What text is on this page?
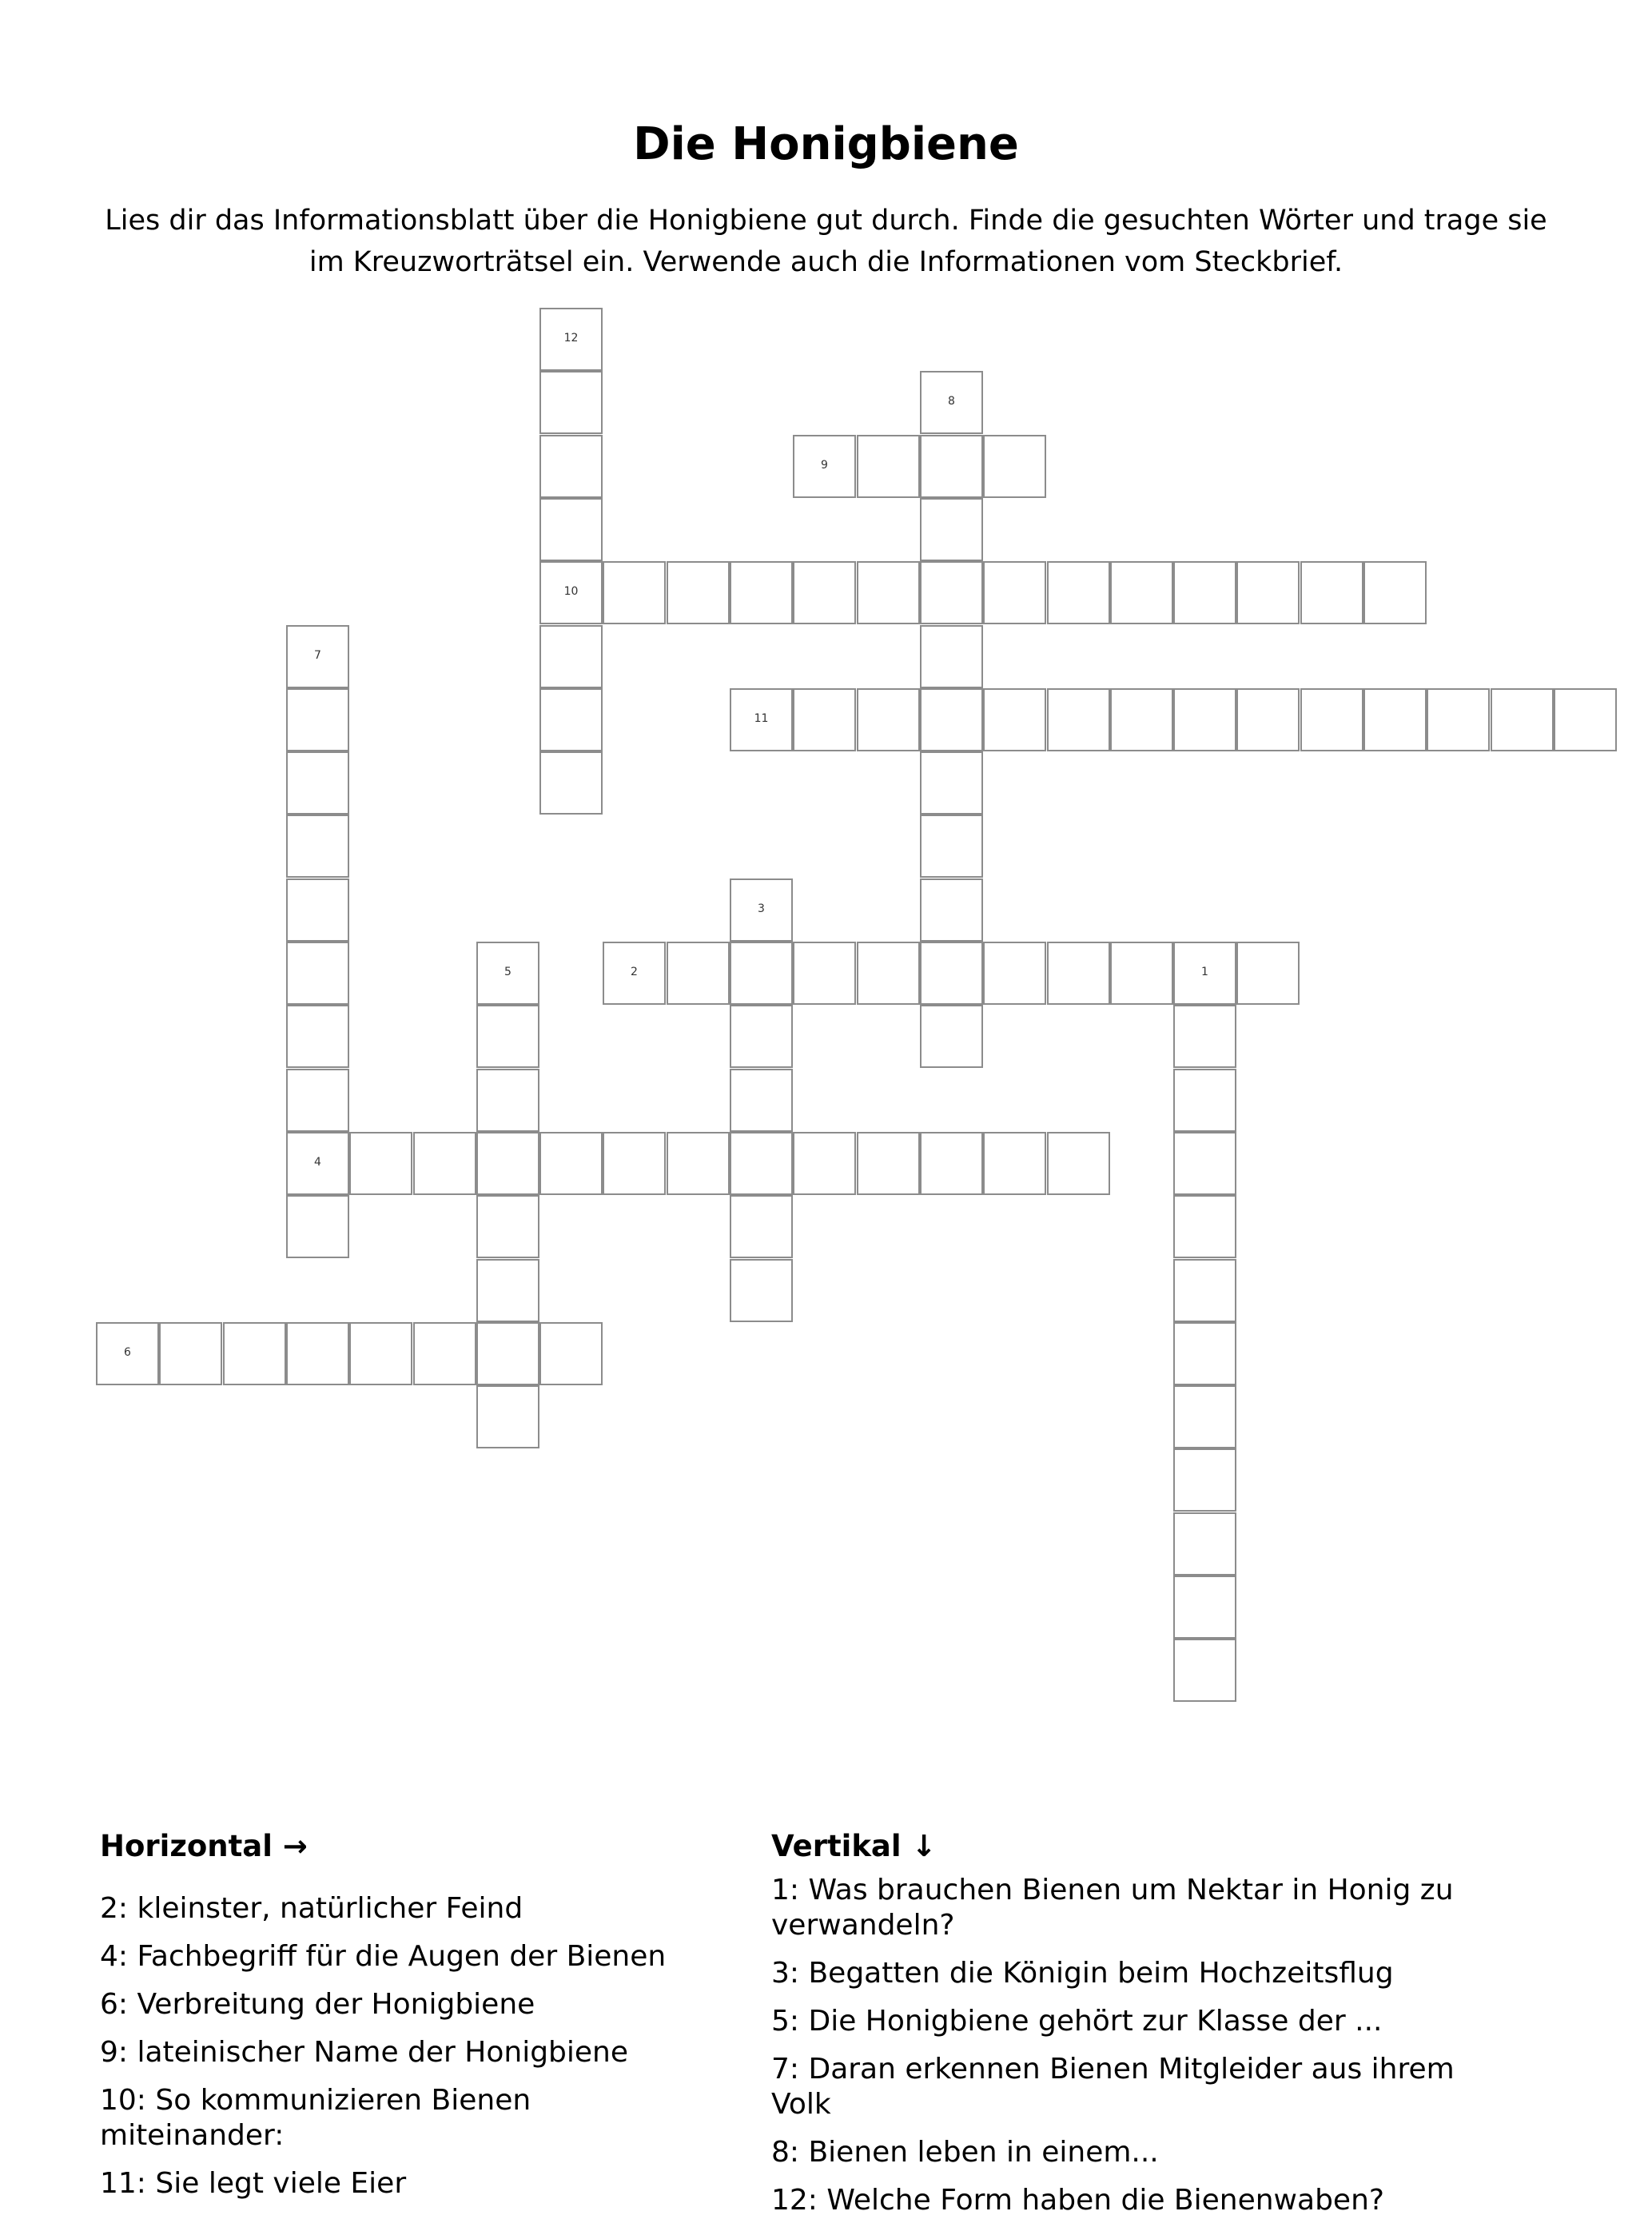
Die Honigbiene

Lies dir das Informationsblatt über die Honigbiene gut durch. Finde die gesuchten Wörter und trage sie im Kreuzworträtsel ein. Verwende auch die Informationen vom Steckbrief.

1
2
3
4
5
6
7
8
9
10
11
12
Horizontal →
2: kleinster, natürlicher Feind
4: Fachbegriff für die Augen der Bienen
6: Verbreitung der Honigbiene
9: lateinischer Name der Honigbiene
10: So kommunizieren Bienen miteinander:
11: Sie legt viele Eier
Vertikal ↓
1: Was brauchen Bienen um Nektar in Honig zu verwandeln?
3: Begatten die Königin beim Hochzeitsflug
5: Die Honigbiene gehört zur Klasse der ...
7: Daran erkennen Bienen Mitgleider aus ihrem Volk
8: Bienen leben in einem...
12: Welche Form haben die Bienenwaben?
